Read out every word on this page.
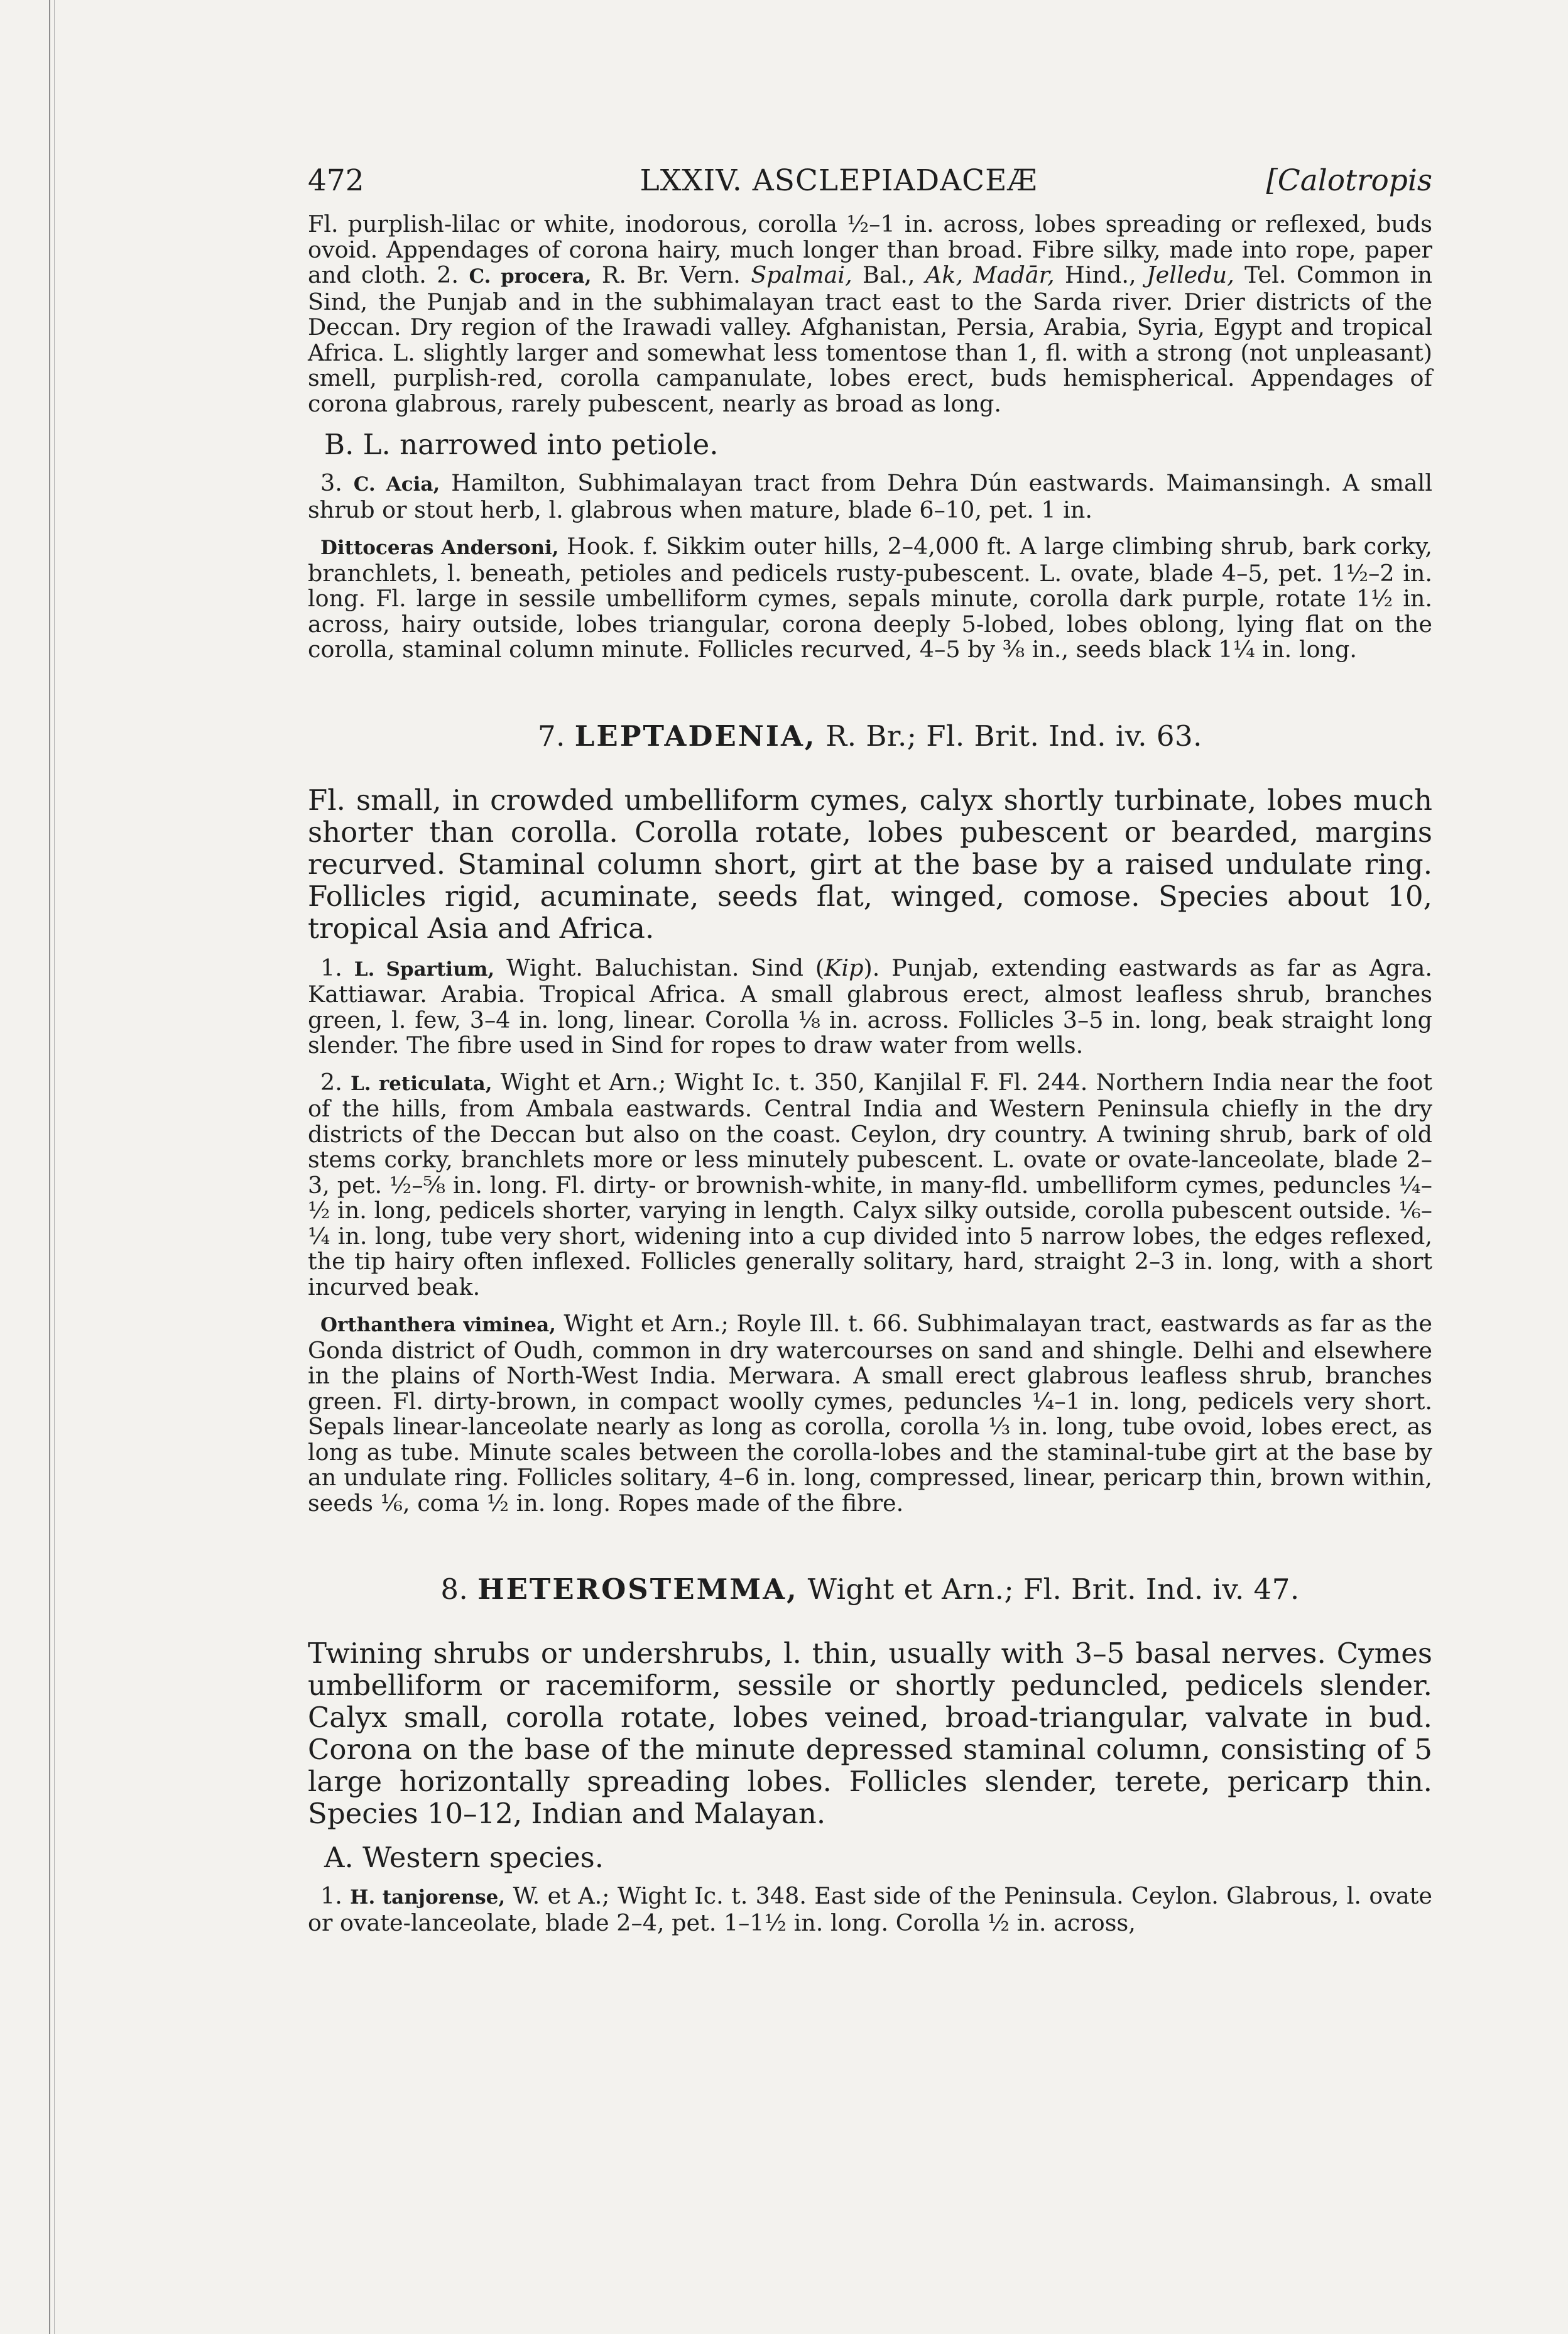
472	LXXIV. ASCLEPIADACEÆ	[Calotropis

Fl. purplish-lilac or white, inodorous, corolla ½–1 in. across, lobes spreading or reflexed, buds ovoid. Appendages of corona hairy, much longer than broad. Fibre silky, made into rope, paper and cloth. 2. C. procera, R. Br. Vern. Spalmai, Bal., Ak, Madār, Hind., Jelledu, Tel. Common in Sind, the Punjab and in the subhimalayan tract east to the Sarda river. Drier districts of the Deccan. Dry region of the Irawadi valley. Afghanistan, Persia, Arabia, Syria, Egypt and tropical Africa. L. slightly larger and somewhat less tomentose than 1, fl. with a strong (not unpleasant) smell, purplish-red, corolla campanulate, lobes erect, buds hemispherical. Appendages of corona glabrous, rarely pubescent, nearly as broad as long.

B. L. narrowed into petiole.

3. C. Acia, Hamilton, Subhimalayan tract from Dehra Dún eastwards. Maimansingh. A small shrub or stout herb, l. glabrous when mature, blade 6–10, pet. 1 in.

Dittoceras Andersoni, Hook. f. Sikkim outer hills, 2–4,000 ft. A large climbing shrub, bark corky, branchlets, l. beneath, petioles and pedicels rusty-pubescent. L. ovate, blade 4–5, pet. 1½–2 in. long. Fl. large in sessile umbelliform cymes, sepals minute, corolla dark purple, rotate 1½ in. across, hairy outside, lobes triangular, corona deeply 5-lobed, lobes oblong, lying flat on the corolla, staminal column minute. Follicles recurved, 4–5 by ⅜ in., seeds black 1¼ in. long.

7. LEPTADENIA, R. Br.; Fl. Brit. Ind. iv. 63.

Fl. small, in crowded umbelliform cymes, calyx shortly turbinate, lobes much shorter than corolla. Corolla rotate, lobes pubescent or bearded, margins recurved. Staminal column short, girt at the base by a raised undulate ring. Follicles rigid, acuminate, seeds flat, winged, comose. Species about 10, tropical Asia and Africa.

1. L. Spartium, Wight. Baluchistan. Sind (Kip). Punjab, extending eastwards as far as Agra. Kattiawar. Arabia. Tropical Africa. A small glabrous erect, almost leafless shrub, branches green, l. few, 3–4 in. long, linear. Corolla ⅛ in. across. Follicles 3–5 in. long, beak straight long slender. The fibre used in Sind for ropes to draw water from wells.

2. L. reticulata, Wight et Arn.; Wight Ic. t. 350, Kanjilal F. Fl. 244. Northern India near the foot of the hills, from Ambala eastwards. Central India and Western Peninsula chiefly in the dry districts of the Deccan but also on the coast. Ceylon, dry country. A twining shrub, bark of old stems corky, branchlets more or less minutely pubescent. L. ovate or ovate-lanceolate, blade 2–3, pet. ½–⅝ in. long. Fl. dirty- or brownish-white, in many-fld. umbelliform cymes, peduncles ¼–½ in. long, pedicels shorter, varying in length. Calyx silky outside, corolla pubescent outside. ⅙–¼ in. long, tube very short, widening into a cup divided into 5 narrow lobes, the edges reflexed, the tip hairy often inflexed. Follicles generally solitary, hard, straight 2–3 in. long, with a short incurved beak.

Orthanthera viminea, Wight et Arn.; Royle Ill. t. 66. Subhimalayan tract, eastwards as far as the Gonda district of Oudh, common in dry watercourses on sand and shingle. Delhi and elsewhere in the plains of North-West India. Merwara. A small erect glabrous leafless shrub, branches green. Fl. dirty-brown, in compact woolly cymes, peduncles ¼–1 in. long, pedicels very short. Sepals linear-lanceolate nearly as long as corolla, corolla ⅓ in. long, tube ovoid, lobes erect, as long as tube. Minute scales between the corolla-lobes and the staminal-tube girt at the base by an undulate ring. Follicles solitary, 4–6 in. long, compressed, linear, pericarp thin, brown within, seeds ⅙, coma ½ in. long. Ropes made of the fibre.

8. HETEROSTEMMA, Wight et Arn.; Fl. Brit. Ind. iv. 47.

Twining shrubs or undershrubs, l. thin, usually with 3–5 basal nerves. Cymes umbelliform or racemiform, sessile or shortly peduncled, pedicels slender. Calyx small, corolla rotate, lobes veined, broad-triangular, valvate in bud. Corona on the base of the minute depressed staminal column, consisting of 5 large horizontally spreading lobes. Follicles slender, terete, pericarp thin. Species 10–12, Indian and Malayan.

A. Western species.

1. H. tanjorense, W. et A.; Wight Ic. t. 348. East side of the Peninsula. Ceylon. Glabrous, l. ovate or ovate-lanceolate, blade 2–4, pet. 1–1½ in. long. Corolla ½ in. across,
